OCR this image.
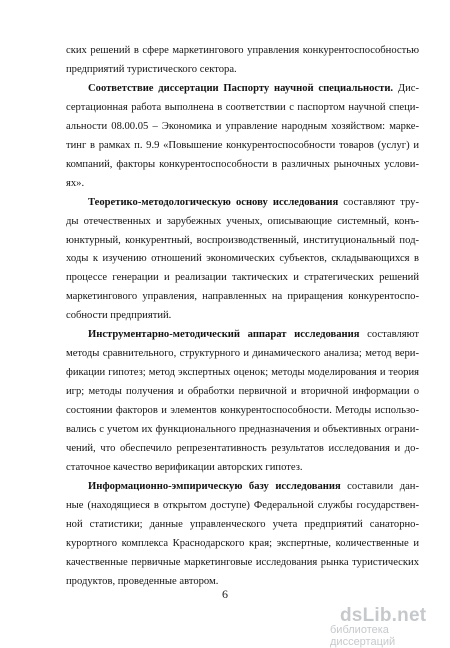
ских решений в сфере маркетингового управления конкурентоспособностью

предприятий туристического сектора.

Соответствие диссертации Паспорту научной специальности. Дис-

сертационная работа выполнена в соответствии с паспортом научной специ-

альности 08.00.05 – Экономика и управление народным хозяйством: марке-

тинг в рамках п. 9.9 «Повышение конкурентоспособности товаров (услуг) и

компаний, факторы конкурентоспособности в различных рыночных услови-

ях».

Теоретико-методологическую основу исследования составляют тру-

ды отечественных и зарубежных ученых, описывающие системный, конъ-

юнктурный, конкурентный, воспроизводственный, институциональный под-

ходы к изучению отношений экономических субъектов, складывающихся в

процессе генерации и реализации тактических и стратегических решений

маркетингового управления, направленных на приращения конкурентоспо-

собности предприятий.

Инструментарно-методический аппарат исследования составляют

методы сравнительного, структурного и динамического анализа; метод вери-

фикации гипотез; метод экспертных оценок; методы моделирования и теория

игр; методы получения и обработки первичной и вторичной информации о

состоянии факторов и элементов конкурентоспособности. Методы использо-

вались с учетом их функционального предназначения и объективных ограни-

чений, что обеспечило репрезентативность результатов исследования и до-

статочное качество верификации авторских гипотез.

Информационно-эмпирическую базу исследования составили дан-

ные (находящиеся в открытом доступе) Федеральной службы государствен-

ной статистики; данные управленческого учета предприятий санаторно-

курортного комплекса Краснодарского края; экспертные, количественные и

качественные первичные маркетинговые исследования рынка туристических

продуктов, проведенные автором.

6
dsLib.net
библиотека диссертаций
